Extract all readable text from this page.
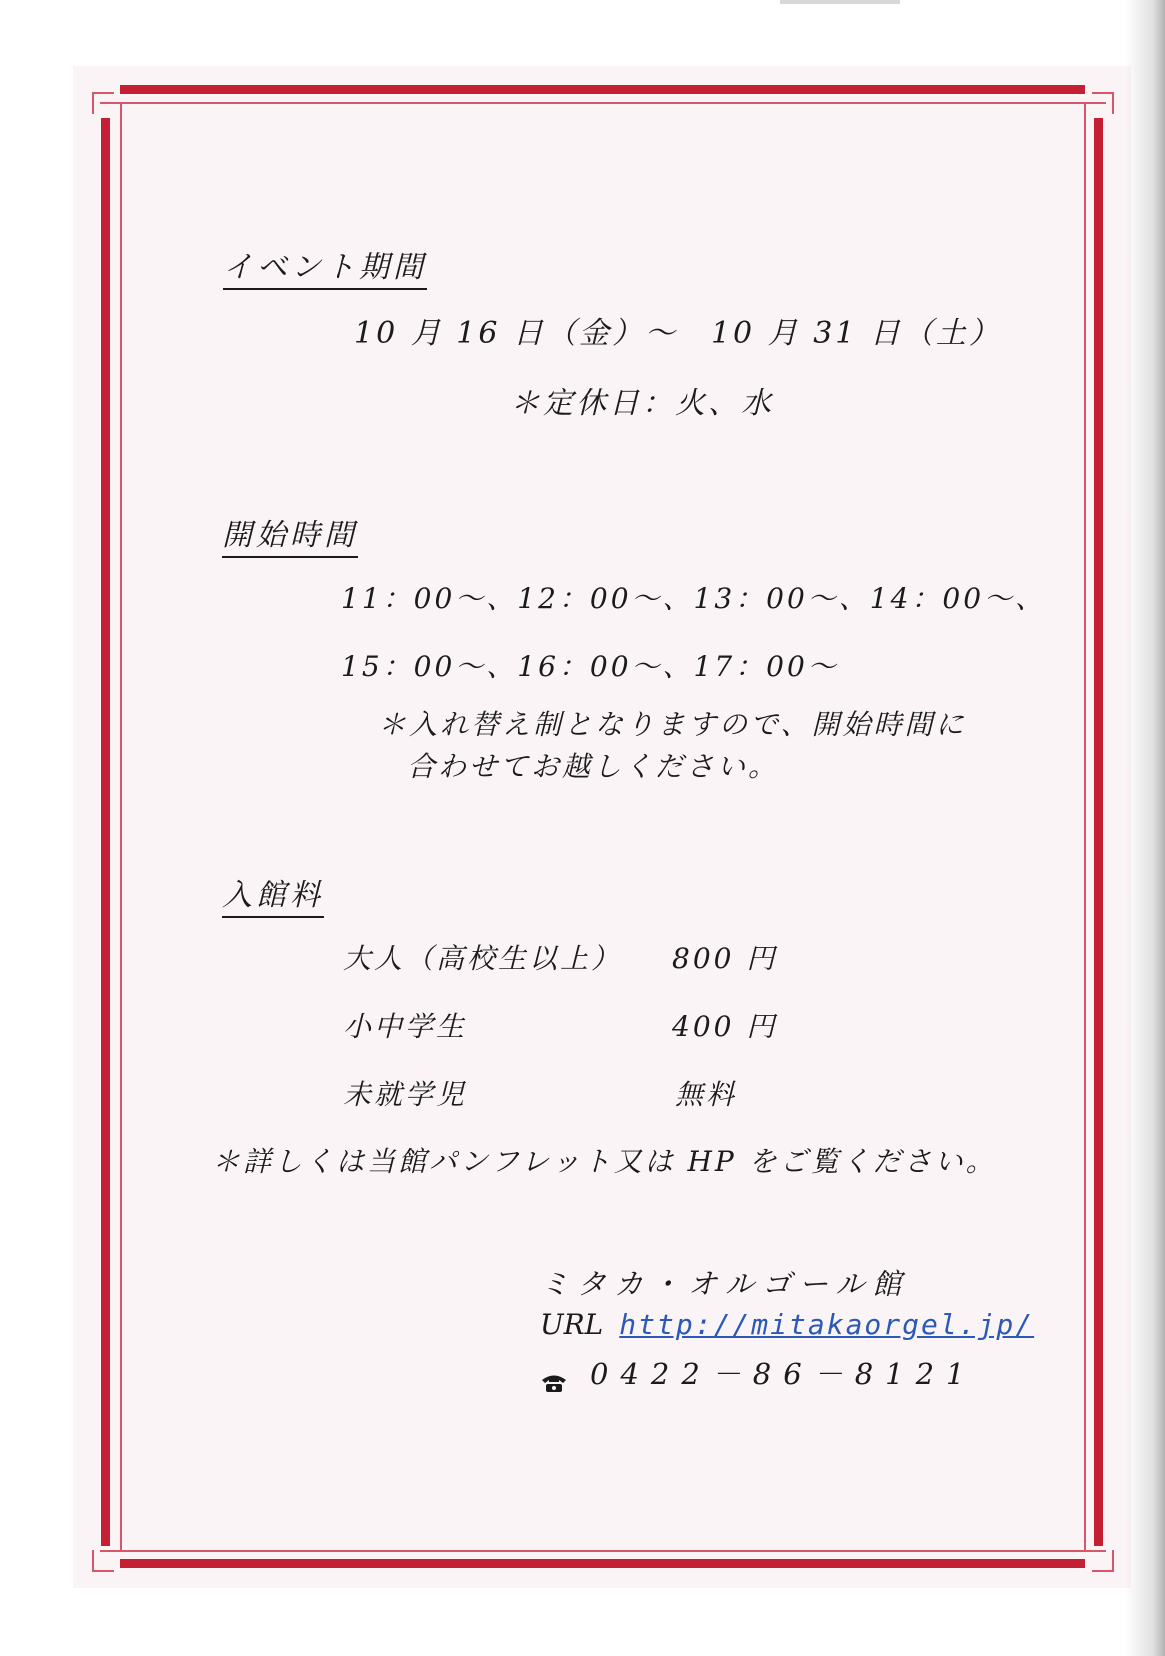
イベント期間
10 月 16 日（金）～　10 月 31 日（土）
＊定休日：火、水
開始時間
11：00～、12：00～、13：00～、14：00～、
15：00～、16：00～、17：00～
＊入れ替え制となりますので、開始時間に
合わせてお越しください。
入館料
大人（高校生以上） 800 円
小中学生	400 円
未就学児	無料
＊詳しくは当館パンフレット又は HP をご覧ください。
ミタカ・オルゴール館
URL http://mitakaorgel.jp/
0422－86－8121
